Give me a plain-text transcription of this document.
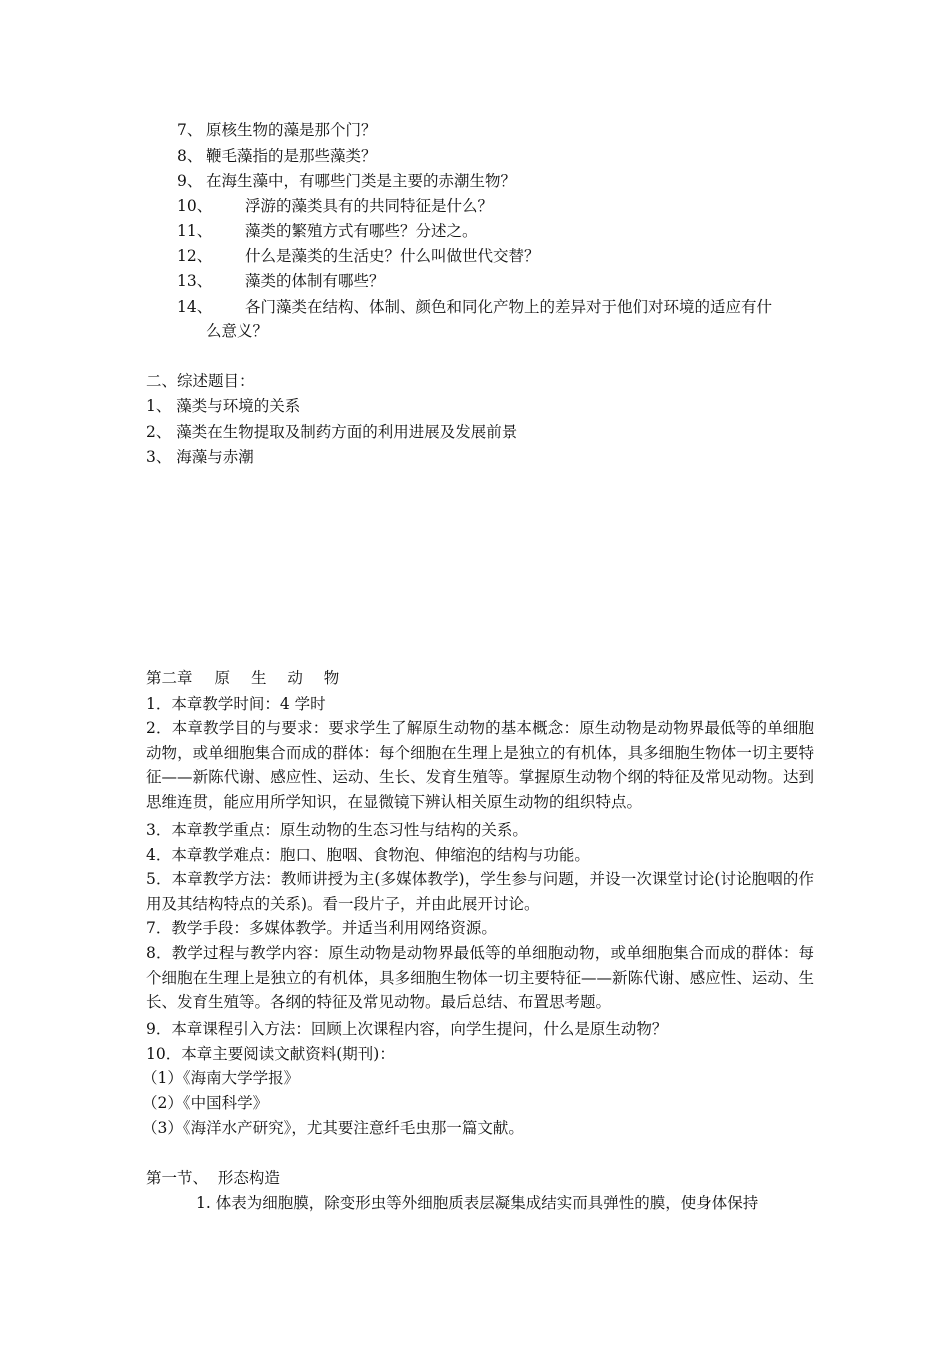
7、 原核生物的藻是那个门？
8、 鞭毛藻指的是那些藻类？
9、 在海生藻中，有哪些门类是主要的赤潮生物？
10、 浮游的藻类具有的共同特征是什么？
11、 藻类的繁殖方式有哪些？分述之。
12、 什么是藻类的生活史？什么叫做世代交替？
13、 藻类的体制有哪些？
14、 各门藻类在结构、体制、颜色和同化产物上的差异对于他们对环境的适应有什
么意义？
二、综述题目：
1、 藻类与环境的关系
2、 藻类在生物提取及制药方面的利用进展及发展前景
3、 海藻与赤潮
第二章 原 生 动 物
1．本章教学时间：4 学时
2．本章教学目的与要求：要求学生了解原生动物的基本概念：原生动物是动物界最低等的单细胞动物，或单细胞集合而成的群体：每个细胞在生理上是独立的有机体，具多细胞生物体一切主要特征——新陈代谢、感应性、运动、生长、发育生殖等。掌握原生动物个纲的特征及常见动物。达到思维连贯，能应用所学知识，在显微镜下辨认相关原生动物的组织特点。
3．本章教学重点：原生动物的生态习性与结构的关系。
4．本章教学难点：胞口、胞咽、食物泡、伸缩泡的结构与功能。
5．本章教学方法：教师讲授为主(多媒体教学)，学生参与问题，并设一次课堂讨论(讨论胞咽的作用及其结构特点的关系)。看一段片子，并由此展开讨论。
7．教学手段：多媒体教学。并适当利用网络资源。
8．教学过程与教学内容：原生动物是动物界最低等的单细胞动物，或单细胞集合而成的群体：每个细胞在生理上是独立的有机体，具多细胞生物体一切主要特征——新陈代谢、感应性、运动、生长、发育生殖等。各纲的特征及常见动物。最后总结、布置思考题。
9．本章课程引入方法：回顾上次课程内容，向学生提问，什么是原生动物？
10．本章主要阅读文献资料(期刊)：
（1）《海南大学学报》
（2）《中国科学》
（3）《海洋水产研究》，尤其要注意纤毛虫那一篇文献。
第一节、  形态构造
1. 体表为细胞膜，除变形虫等外细胞质表层凝集成结实而具弹性的膜，使身体保持
